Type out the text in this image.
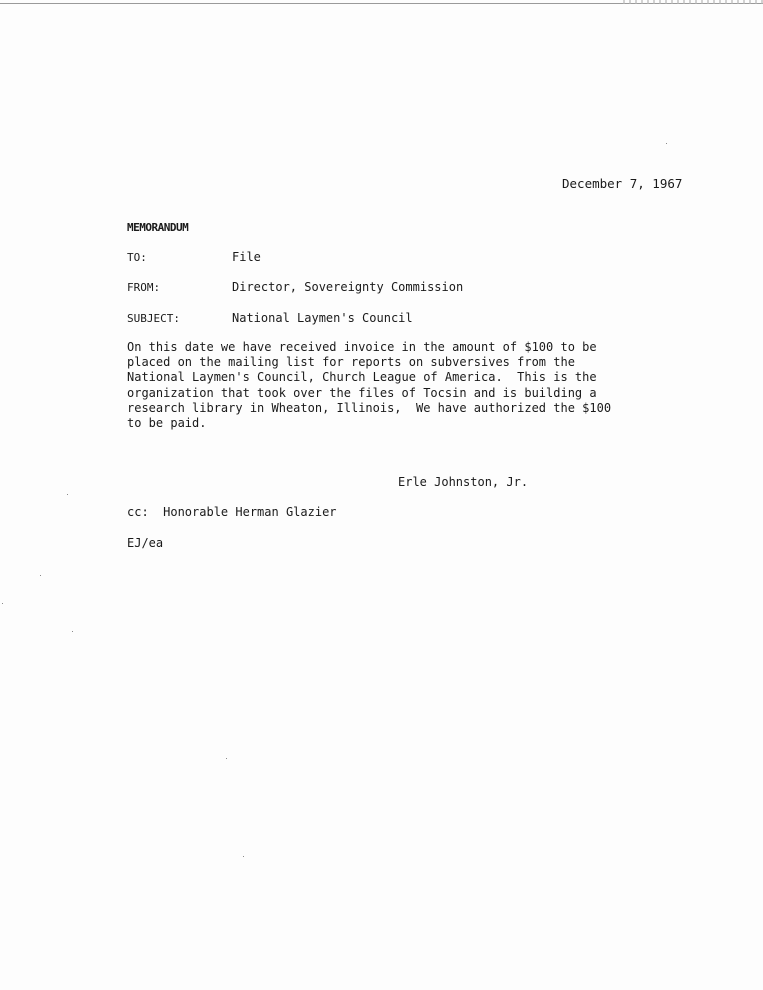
December 7, 1967
MEMORANDUM
TO:	File
FROM:	Director, Sovereignty Commission
SUBJECT:	National Laymen's Council
On this date we have received invoice in the amount of $100 to be
placed on the mailing list for reports on subversives from the
National Laymen's Council, Church League of America.  This is the
organization that took over the files of Tocsin and is building a
research library in Wheaton, Illinois,  We have authorized the $100
to be paid.
Erle Johnston, Jr.
cc:  Honorable Herman Glazier
EJ/ea
